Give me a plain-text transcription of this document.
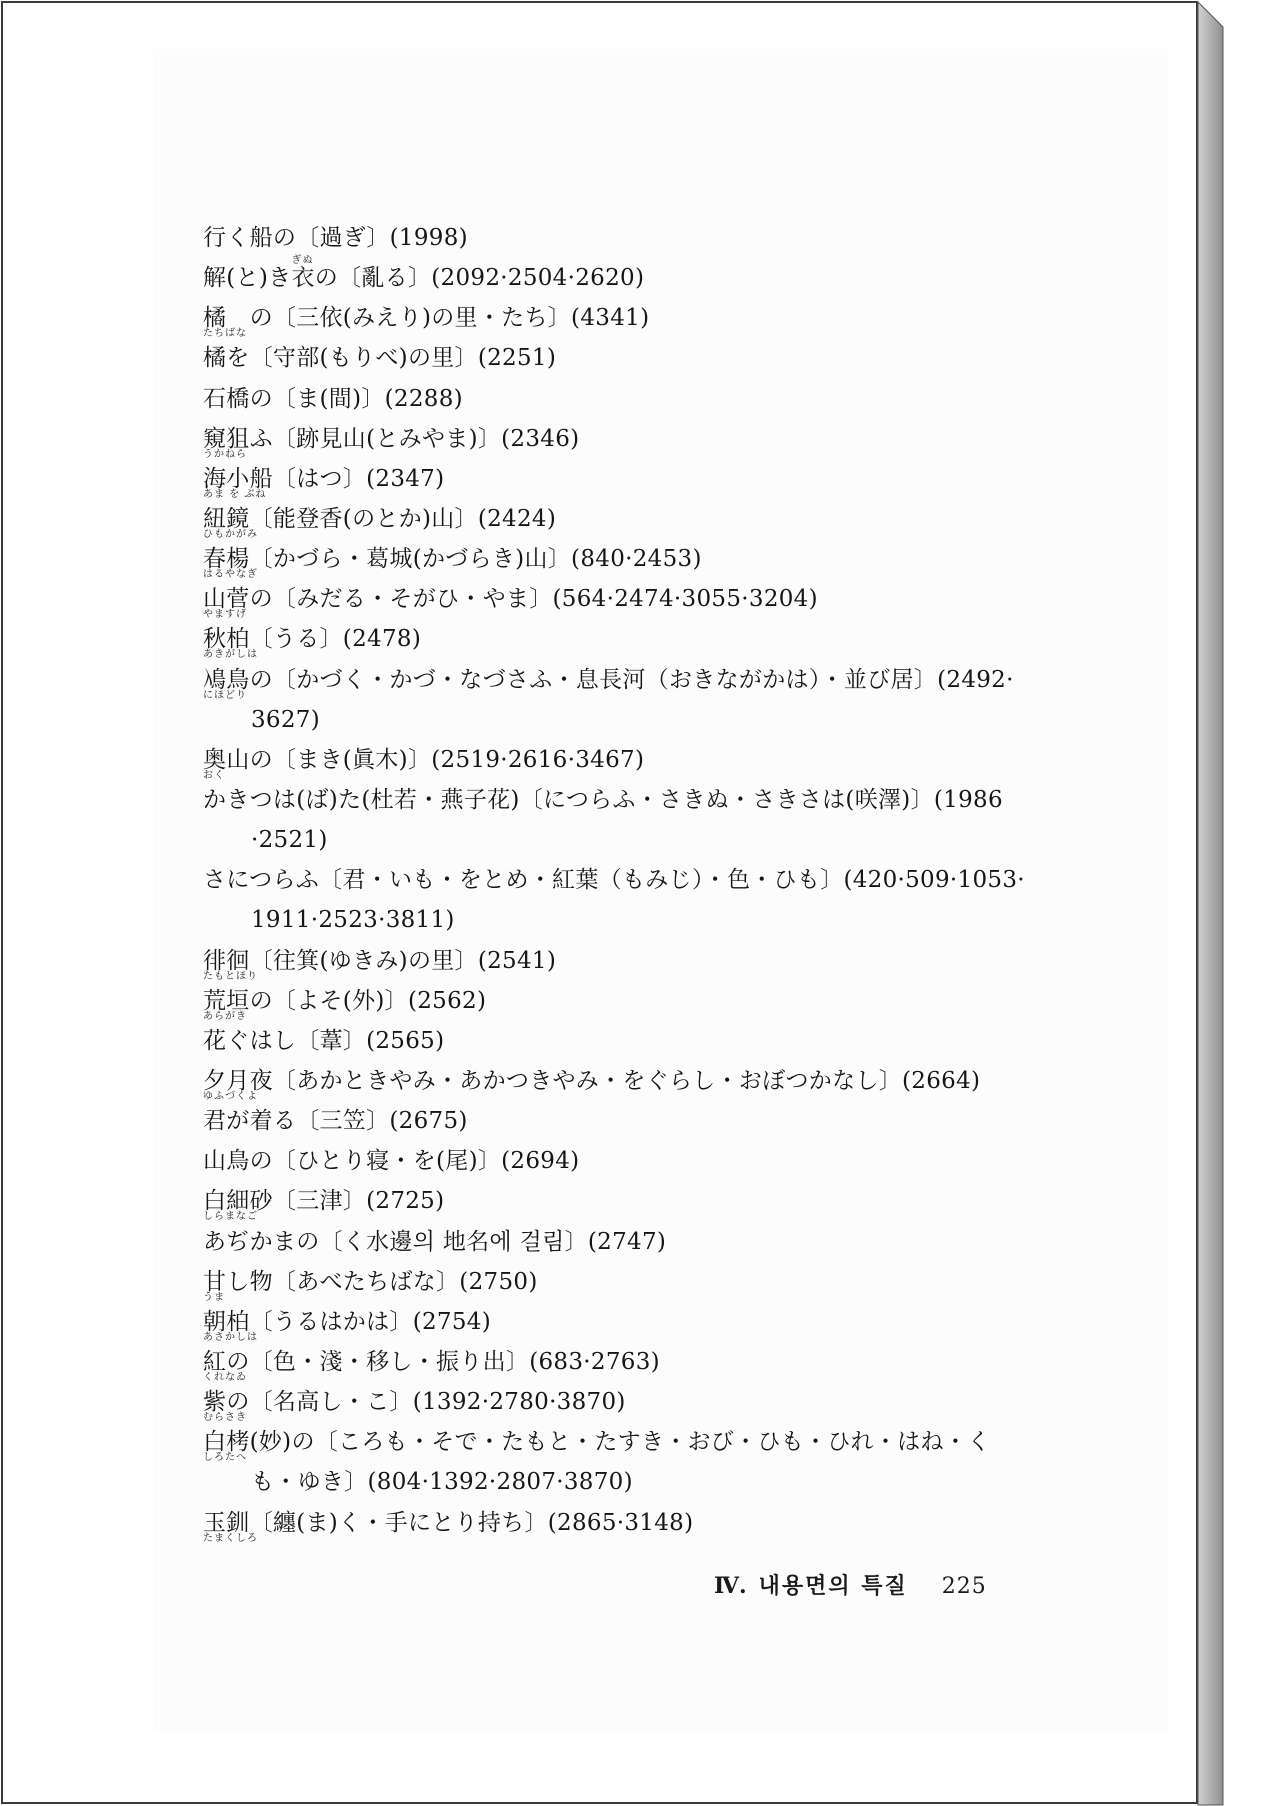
行く船の〔過ぎ〕(1998)
解(と)き衣
ぎぬ
の〔亂る〕(2092·2504·2620)
橘
たちばな
　の〔三依(みえり)の里・たち〕(4341)
橘を〔守部(もりべ)の里〕(2251)
石橋の〔ま(間)〕(2288)
窺狙
うかねら
ふ〔跡見山(とみやま)〕(2346)
海小船
あま を ぶね
〔はつ〕(2347)
紐鏡
ひもかがみ
〔能登香(のとか)山〕(2424)
春楊
はるやなぎ
〔かづら・葛城(かづらき)山〕(840·2453)
山菅
やますげ
の〔みだる・そがひ・やま〕(564·2474·3055·3204)
秋柏
あきがしは
〔うる〕(2478)
鳰鳥
にほどり
の〔かづく・かづ・なづさふ・息長河（おきながかは）・並び居〕(2492·
3627)
奥
おく
山の〔まき(眞木)〕(2519·2616·3467)
かきつは(ば)た(杜若・燕子花)〔につらふ・さきぬ・さきさは(咲澤)〕(1986
·2521)
さにつらふ〔君・いも・をとめ・紅葉（もみじ）・色・ひも〕(420·509·1053·
1911·2523·3811)
徘徊
たもとほり
〔往箕(ゆきみ)の里〕(2541)
荒垣
あらがき
の〔よそ(外)〕(2562)
花ぐはし〔葦〕(2565)
夕月夜
ゆふづくよ
〔あかときやみ・あかつきやみ・をぐらし・おぼつかなし〕(2664)
君が着る〔三笠〕(2675)
山鳥の〔ひとり寝・を(尾)〕(2694)
白細砂
しらまなご
〔三津〕(2725)
あぢかまの〔く水邊의 地名에 걸림〕(2747)
甘
うま
し物〔あべたちばな〕(2750)
朝柏
あさかしは
〔うるはかは〕(2754)
紅
くれなゐ
の〔色・淺・移し・振り出〕(683·2763)
紫
むらさき
の〔名高し・こ〕(1392·2780·3870)
白栲
しろたへ
(妙)の〔ころも・そで・たもと・たすき・おび・ひも・ひれ・はね・く
も・ゆき〕(804·1392·2807·3870)
玉釧
たまくしろ
〔纏(ま)く・手にとり持ち〕(2865·3148)
Ⅳ. 내용면의 특질 225
